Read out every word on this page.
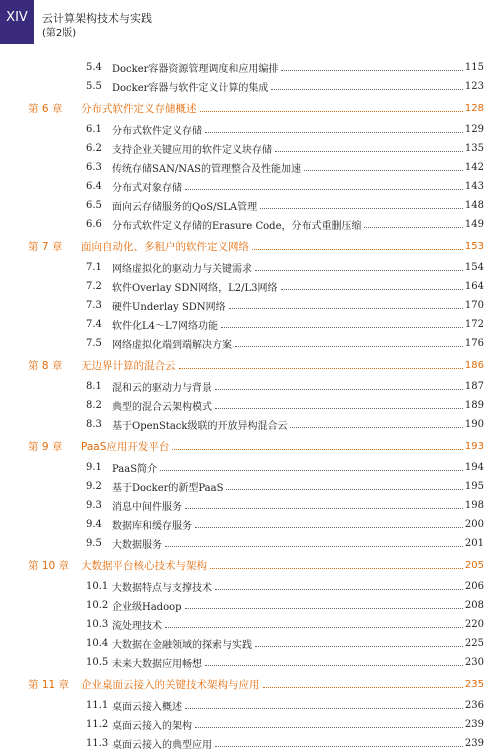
XIV 云计算架构技术与实践
(第2版)
5.4	Docker容器资源管理调度和应用编排	115
5.5	Docker容器与软件定义计算的集成	123
第 6 章	分布式软件定义存储概述	128
6.1	分布式软件定义存储	129
6.2	支持企业关键应用的软件定义块存储	135
6.3	传统存储SAN/NAS的管理整合及性能加速	142
6.4	分布式对象存储	143
6.5	面向云存储服务的QoS/SLA管理	148
6.6	分布式软件定义存储的Erasure Code，分布式重删压缩	149
第 7 章	面向自动化、多租户的软件定义网络	153
7.1	网络虚拟化的驱动力与关键需求	154
7.2	软件Overlay SDN网络，L2/L3网络	164
7.3	硬件Underlay SDN网络	170
7.4	软件化L4～L7网络功能	172
7.5	网络虚拟化端到端解决方案	176
第 8 章	无边界计算的混合云	186
8.1	混和云的驱动力与背景	187
8.2	典型的混合云架构模式	189
8.3	基于OpenStack级联的开放异构混合云	190
第 9 章	PaaS应用开发平台	193
9.1	PaaS简介	194
9.2	基于Docker的新型PaaS	195
9.3	消息中间件服务	198
9.4	数据库和缓存服务	200
9.5	大数据服务	201
第 10 章	大数据平台核心技术与架构	205
10.1 大数据特点与支撑技术	206
10.2 企业级Hadoop	208
10.3 流处理技术	220
10.4 大数据在金融领域的探索与实践	225
10.5 未来大数据应用畅想	230
第 11 章	企业桌面云接入的关键技术架构与应用	235
11.1 桌面云接入概述	236
11.2 桌面云接入的架构	239
11.3 桌面云接入的典型应用	239
